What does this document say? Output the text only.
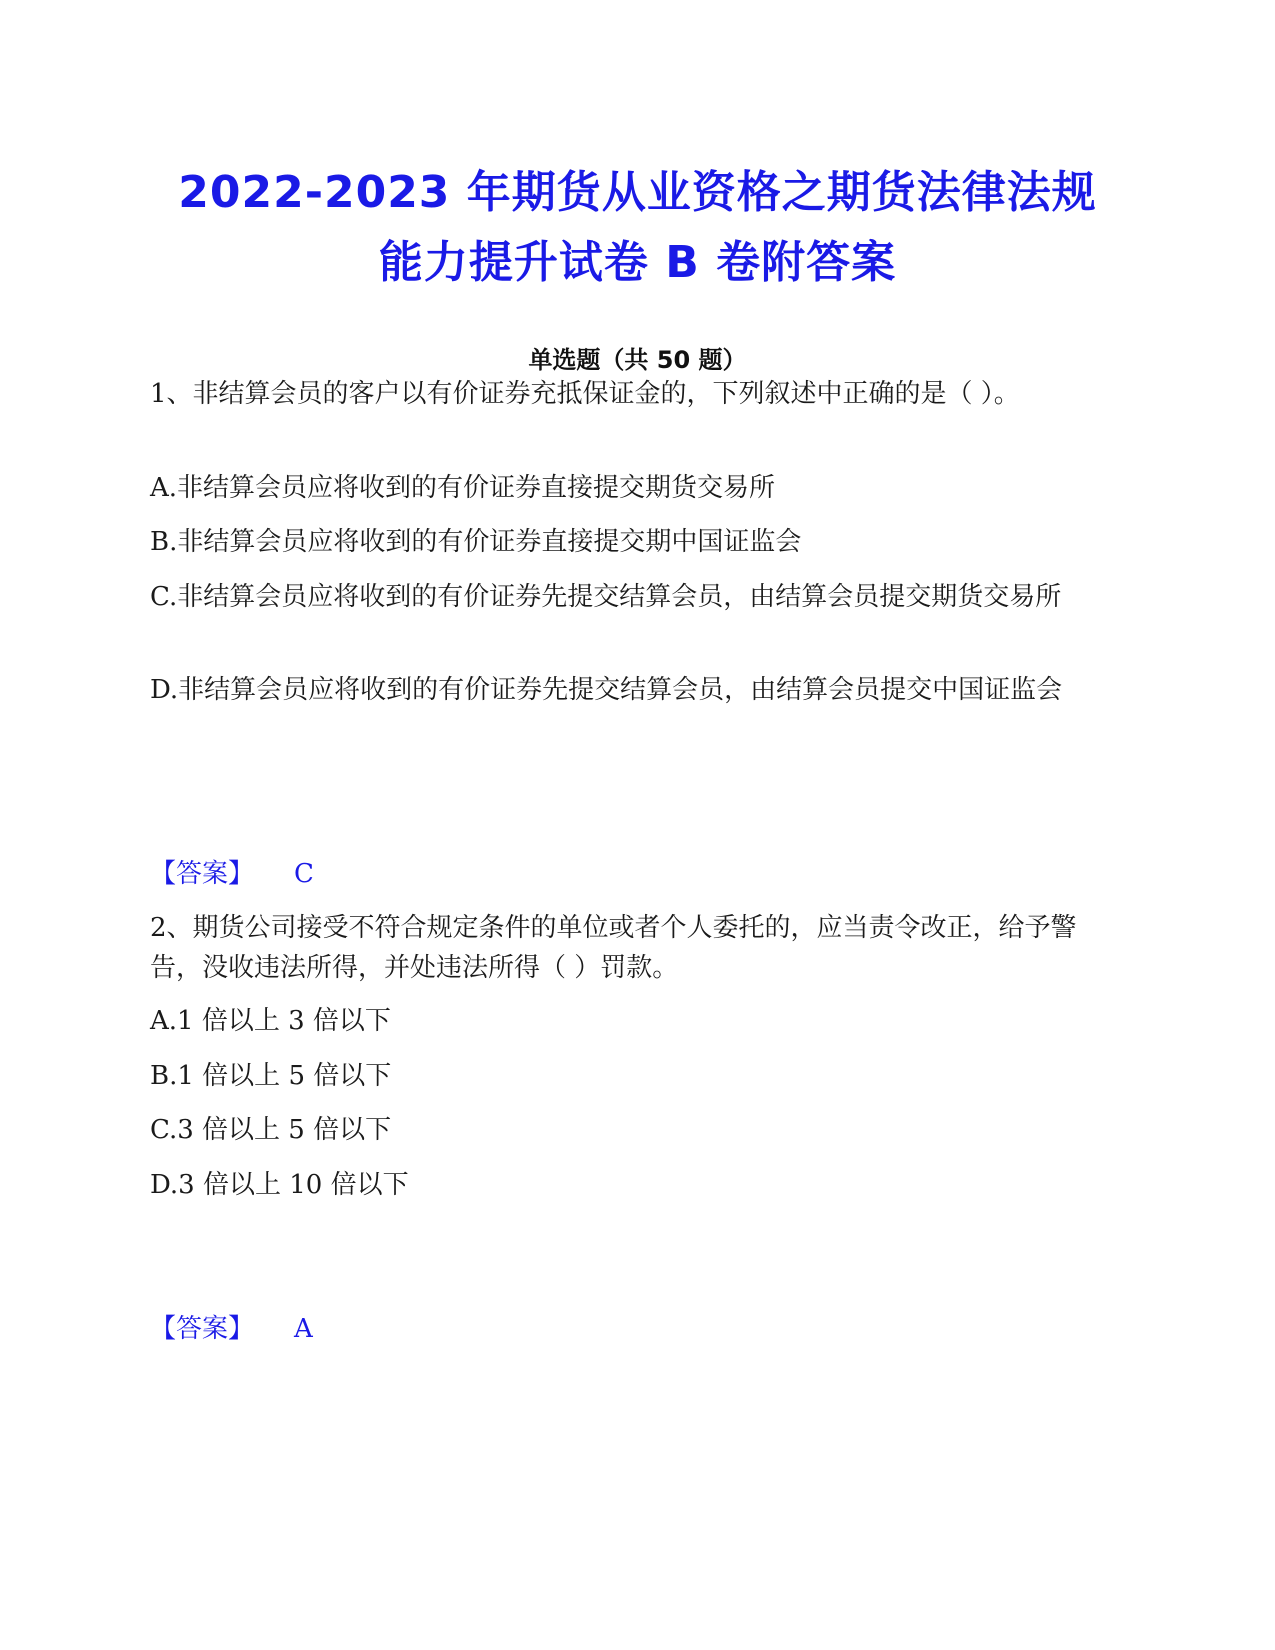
2022-2023 年期货从业资格之期货法律法规
能力提升试卷 B 卷附答案
单选题（共 50 题）

1、非结算会员的客户以有价证券充抵保证金的，下列叙述中正确的是（ ）。

A.非结算会员应将收到的有价证券直接提交期货交易所

B.非结算会员应将收到的有价证券直接提交期中国证监会

C.非结算会员应将收到的有价证券先提交结算会员，由结算会员提交期货交易所

D.非结算会员应将收到的有价证券先提交结算会员，由结算会员提交中国证监会

【答案】 C

2、期货公司接受不符合规定条件的单位或者个人委托的，应当责令改正，给予警告，没收违法所得，并处违法所得（ ）罚款。

A.1 倍以上 3 倍以下

B.1 倍以上 5 倍以下

C.3 倍以上 5 倍以下

D.3 倍以上 10 倍以下

【答案】 A
